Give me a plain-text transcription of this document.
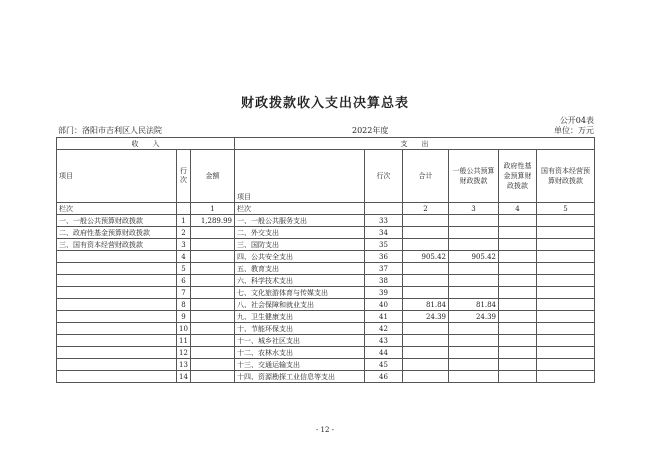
财政拨款收入支出决算总表
公开04表
部门：洛阳市吉利区人民法院	2022年度	单位：万元
收　　入			支　　出					
项目	行次	金额	项目	行次	合计	一般公共预算财政拨款	政府性基金预算财政拨款	国有资本经营预算财政拨款
栏次		1	栏次		2	3	4	5
一、一般公共预算财政拨款	1	1,289.99	一、一般公共服务支出	33				
二、政府性基金预算财政拨款	2		二、外交支出	34				
三、国有资本经营财政拨款	3		三、国防支出	35				
	4		四、公共安全支出	36	905.42	905.42		
	5		五、教育支出	37				
	6		六、科学技术支出	38				
	7		七、文化旅游体育与传媒支出	39				
	8		八、社会保障和就业支出	40	81.84	81.84		
	9		九、卫生健康支出	41	24.39	24.39		
	10		十、节能环保支出	42				
	11		十一、城乡社区支出	43				
	12		十二、农林水支出	44				
	13		十三、交通运输支出	45				
	14		十四、资源勘探工业信息等支出	46				
- 12 -
